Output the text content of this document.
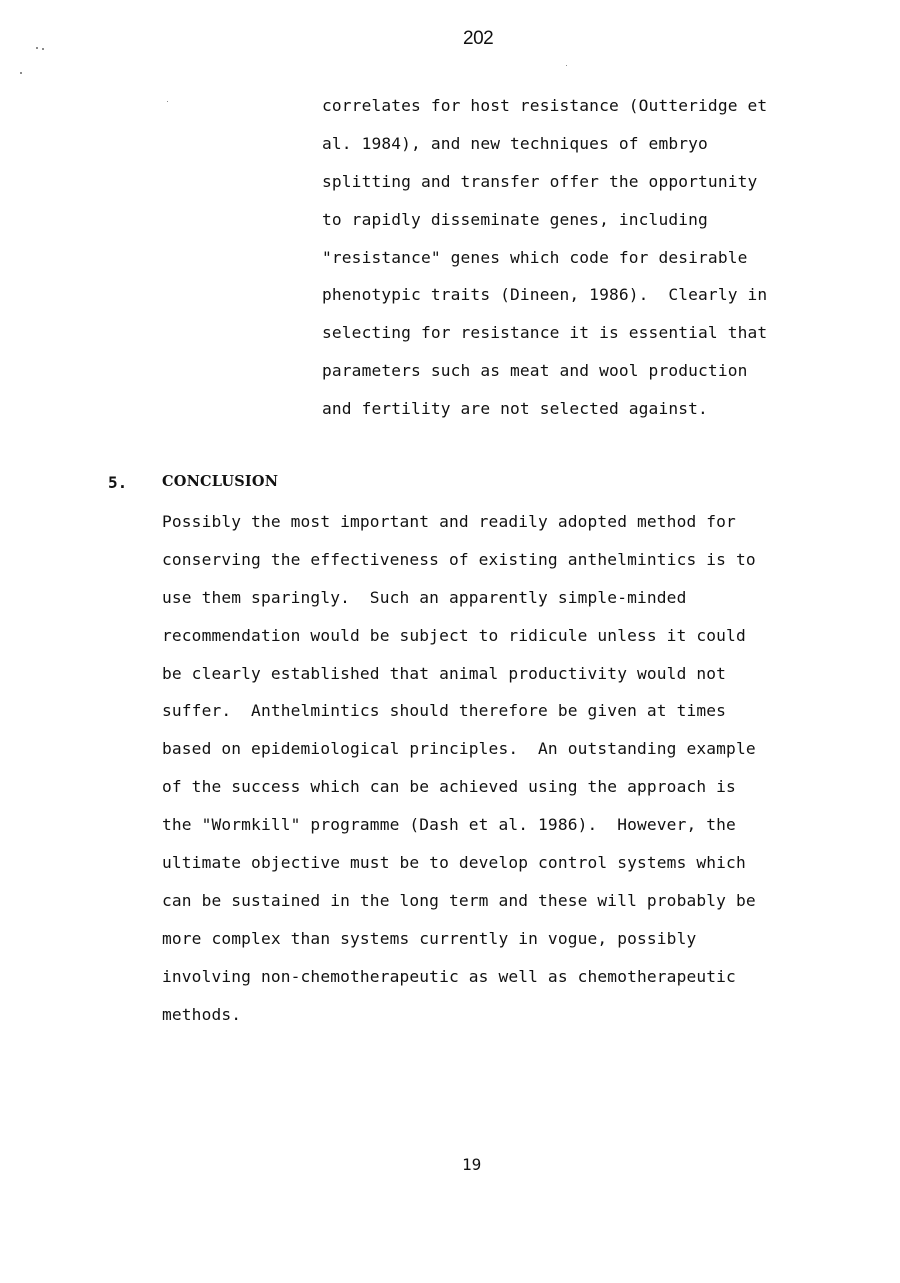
202
correlates for host resistance (Outteridge et
al. 1984), and new techniques of embryo
splitting and transfer offer the opportunity
to rapidly disseminate genes, including
"resistance" genes which code for desirable
phenotypic traits (Dineen, 1986).  Clearly in
selecting for resistance it is essential that
parameters such as meat and wool production
and fertility are not selected against.
5. CONCLUSION
Possibly the most important and readily adopted method for
conserving the effectiveness of existing anthelmintics is to
use them sparingly.  Such an apparently simple-minded
recommendation would be subject to ridicule unless it could
be clearly established that animal productivity would not
suffer.  Anthelmintics should therefore be given at times
based on epidemiological principles.  An outstanding example
of the success which can be achieved using the approach is
the "Wormkill" programme (Dash et al. 1986).  However, the
ultimate objective must be to develop control systems which
can be sustained in the long term and these will probably be
more complex than systems currently in vogue, possibly
involving non-chemotherapeutic as well as chemotherapeutic
methods.
19
